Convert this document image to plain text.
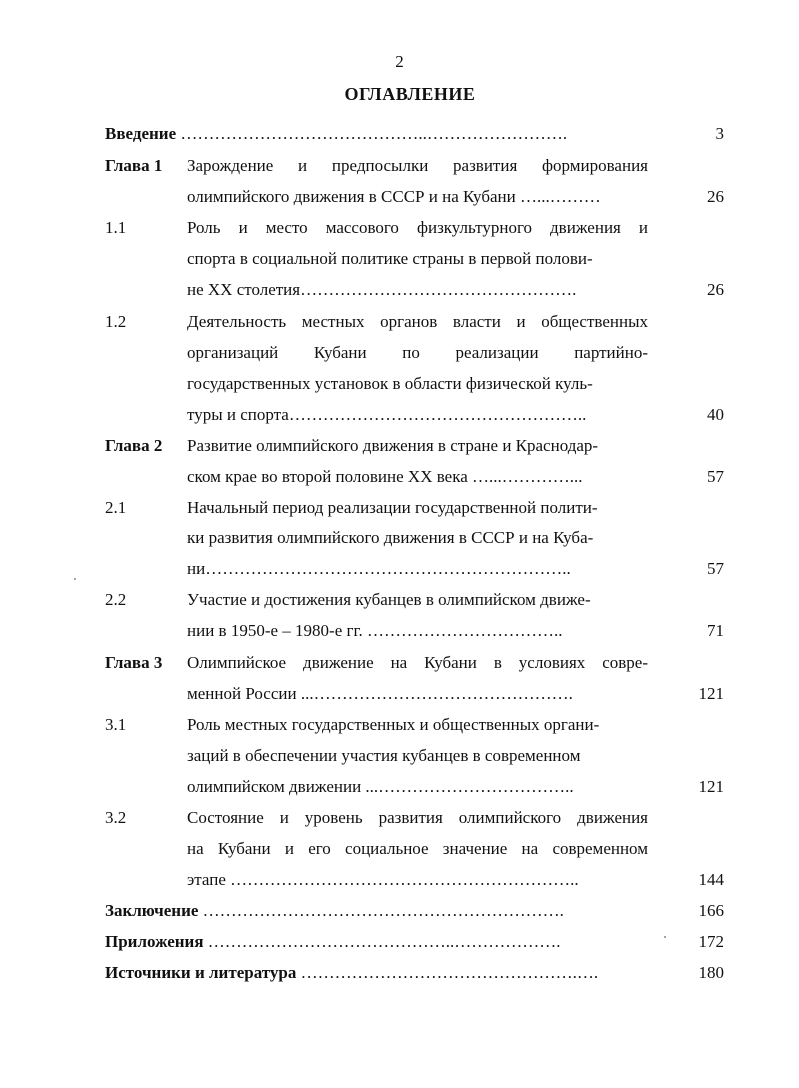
2
ОГЛАВЛЕНИЕ
Введение ……………………………………..…………………….	3
Глава 1 Зарождение и предпосылки развития формирования
олимпийского движения в СССР и на Кубани …...………	26
1.1	Роль и место массового физкультурного движения и
спорта в социальной политике страны в первой полови-
не XX столетия………………………………………….	26
1.2	Деятельность местных органов власти и общественных
организаций Кубани по реализации партийно-
государственных установок в области физической куль-
туры и спорта……………………………………………..	40
Глава 2 Развитие олимпийского движения в стране и Краснодар-
ском крае во второй половине XX века …...…………...	57
2.1	Начальный период реализации государственной полити-
ки развития олимпийского движения в СССР и на Куба-
ни………………………………………………………..	57
2.2	Участие и достижения кубанцев в олимпийском движе-
нии в 1950-е – 1980-е гг. ……………………………..	71
Глава 3 Олимпийское движение на Кубани в условиях совре-
менной России ...……………………………………….	121
3.1	Роль местных государственных и общественных органи-
заций в обеспечении участия кубанцев в современном
олимпийском движении ...……………………………..	121
3.2	Состояние и уровень развития олимпийского движения
на Кубани и его социальное значение на современном
этапе ……………………………………………………..	144
Заключение ……………………………………………………….	166
Приложения ……………………………………..……………….	172
Источники и литература ………………………………………….….	180
